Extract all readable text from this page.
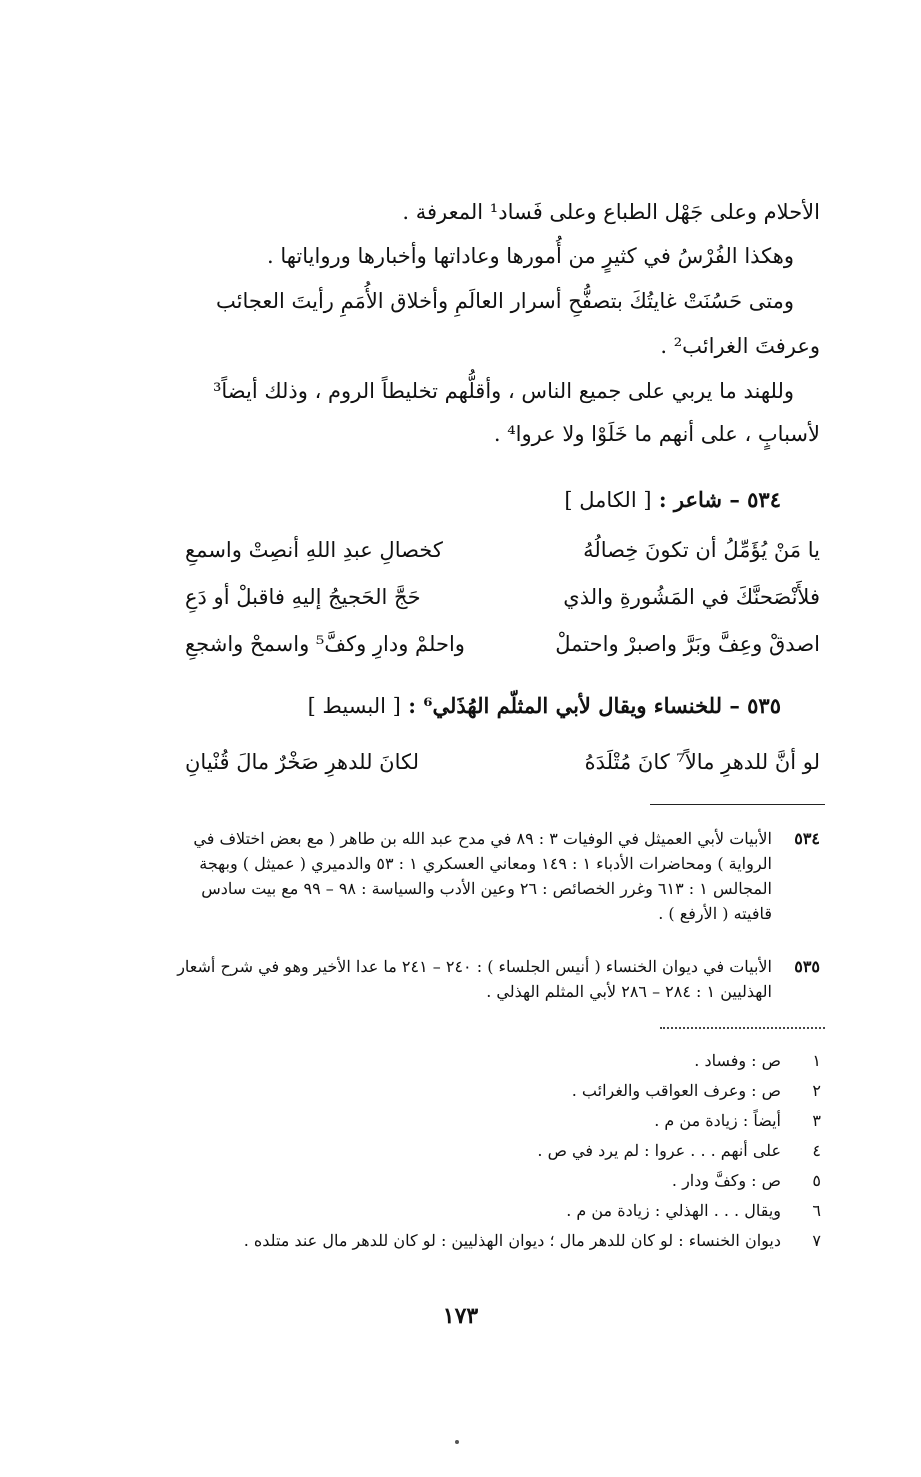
الأحلام وعلى جَهْل الطباع وعلى فَساد¹ المعرفة .
وهكذا الفُرْسُ في كثيرٍ من أُمورها وعاداتها وأخبارها ورواياتها .
ومتى حَسُنَتْ غايتُكَ بتصفُّحِ أسرار العالَمِ وأخلاق الأُمَمِ رأيتَ العجائب
وعرفتَ الغرائب² .
وللهند ما يربي على جميع الناس ، وأقلُّهم تخليطاً الروم ، وذلك أيضاً³
لأسبابٍ ، على أنهم ما خَلَوْا ولا عروا⁴ .
٥٣٤ – شاعر : [ الكامل ]
يا مَنْ يُؤَمِّلُ أن تكونَ خِصالُهُ
كخصالِ عبدِ اللهِ أنصِتْ واسمعِ
فلأَنْصَحنَّكَ في المَشُورةِ والذي
حَجَّ الحَجيجُ إليهِ فاقبلْ أو دَعِ
اصدقْ وعِفَّ وبَرَّ واصبرْ واحتملْ
واحلمْ ودارِ وكفَّ⁵ واسمحْ واشجعِ
٥٣٥ – للخنساء ويقال لأبي المثلّم الهُذَلي⁶ : [ البسيط ]
لو أنَّ للدهرِ مالاً⁷ كانَ مُتْلَدَهُ
لكانَ للدهرِ صَخْرٌ مالَ قُنْيانِ
٥٣٤
الأبيات لأبي العميثل في الوفيات ٣ : ٨٩ في مدح عبد الله بن طاهر ( مع بعض اختلاف في الرواية ) ومحاضرات الأدباء ١ : ١٤٩ ومعاني العسكري ١ : ٥٣ والدميري ( عميثل ) وبهجة المجالس ١ : ٦١٣ وغرر الخصائص : ٢٦ وعين الأدب والسياسة : ٩٨ – ٩٩ مع بيت سادس قافيته ( الأرفع ) .
٥٣٥
الأبيات في ديوان الخنساء ( أنيس الجلساء ) : ٢٤٠ – ٢٤١ ما عدا الأخير وهو في شرح أشعار الهذليين ١ : ٢٨٤ – ٢٨٦ لأبي المثلم الهذلي .
١
ص : وفساد .
٢
ص : وعرف العواقب والغرائب .
٣
أيضاً : زيادة من م .
٤
على أنهم . . . عروا : لم يرد في ص .
٥
ص : وكفَّ ودار .
٦
ويقال . . . الهذلي : زيادة من م .
٧
ديوان الخنساء : لو كان للدهر مال ؛ ديوان الهذليين : لو كان للدهر مال عند متلده .
١٧٣
